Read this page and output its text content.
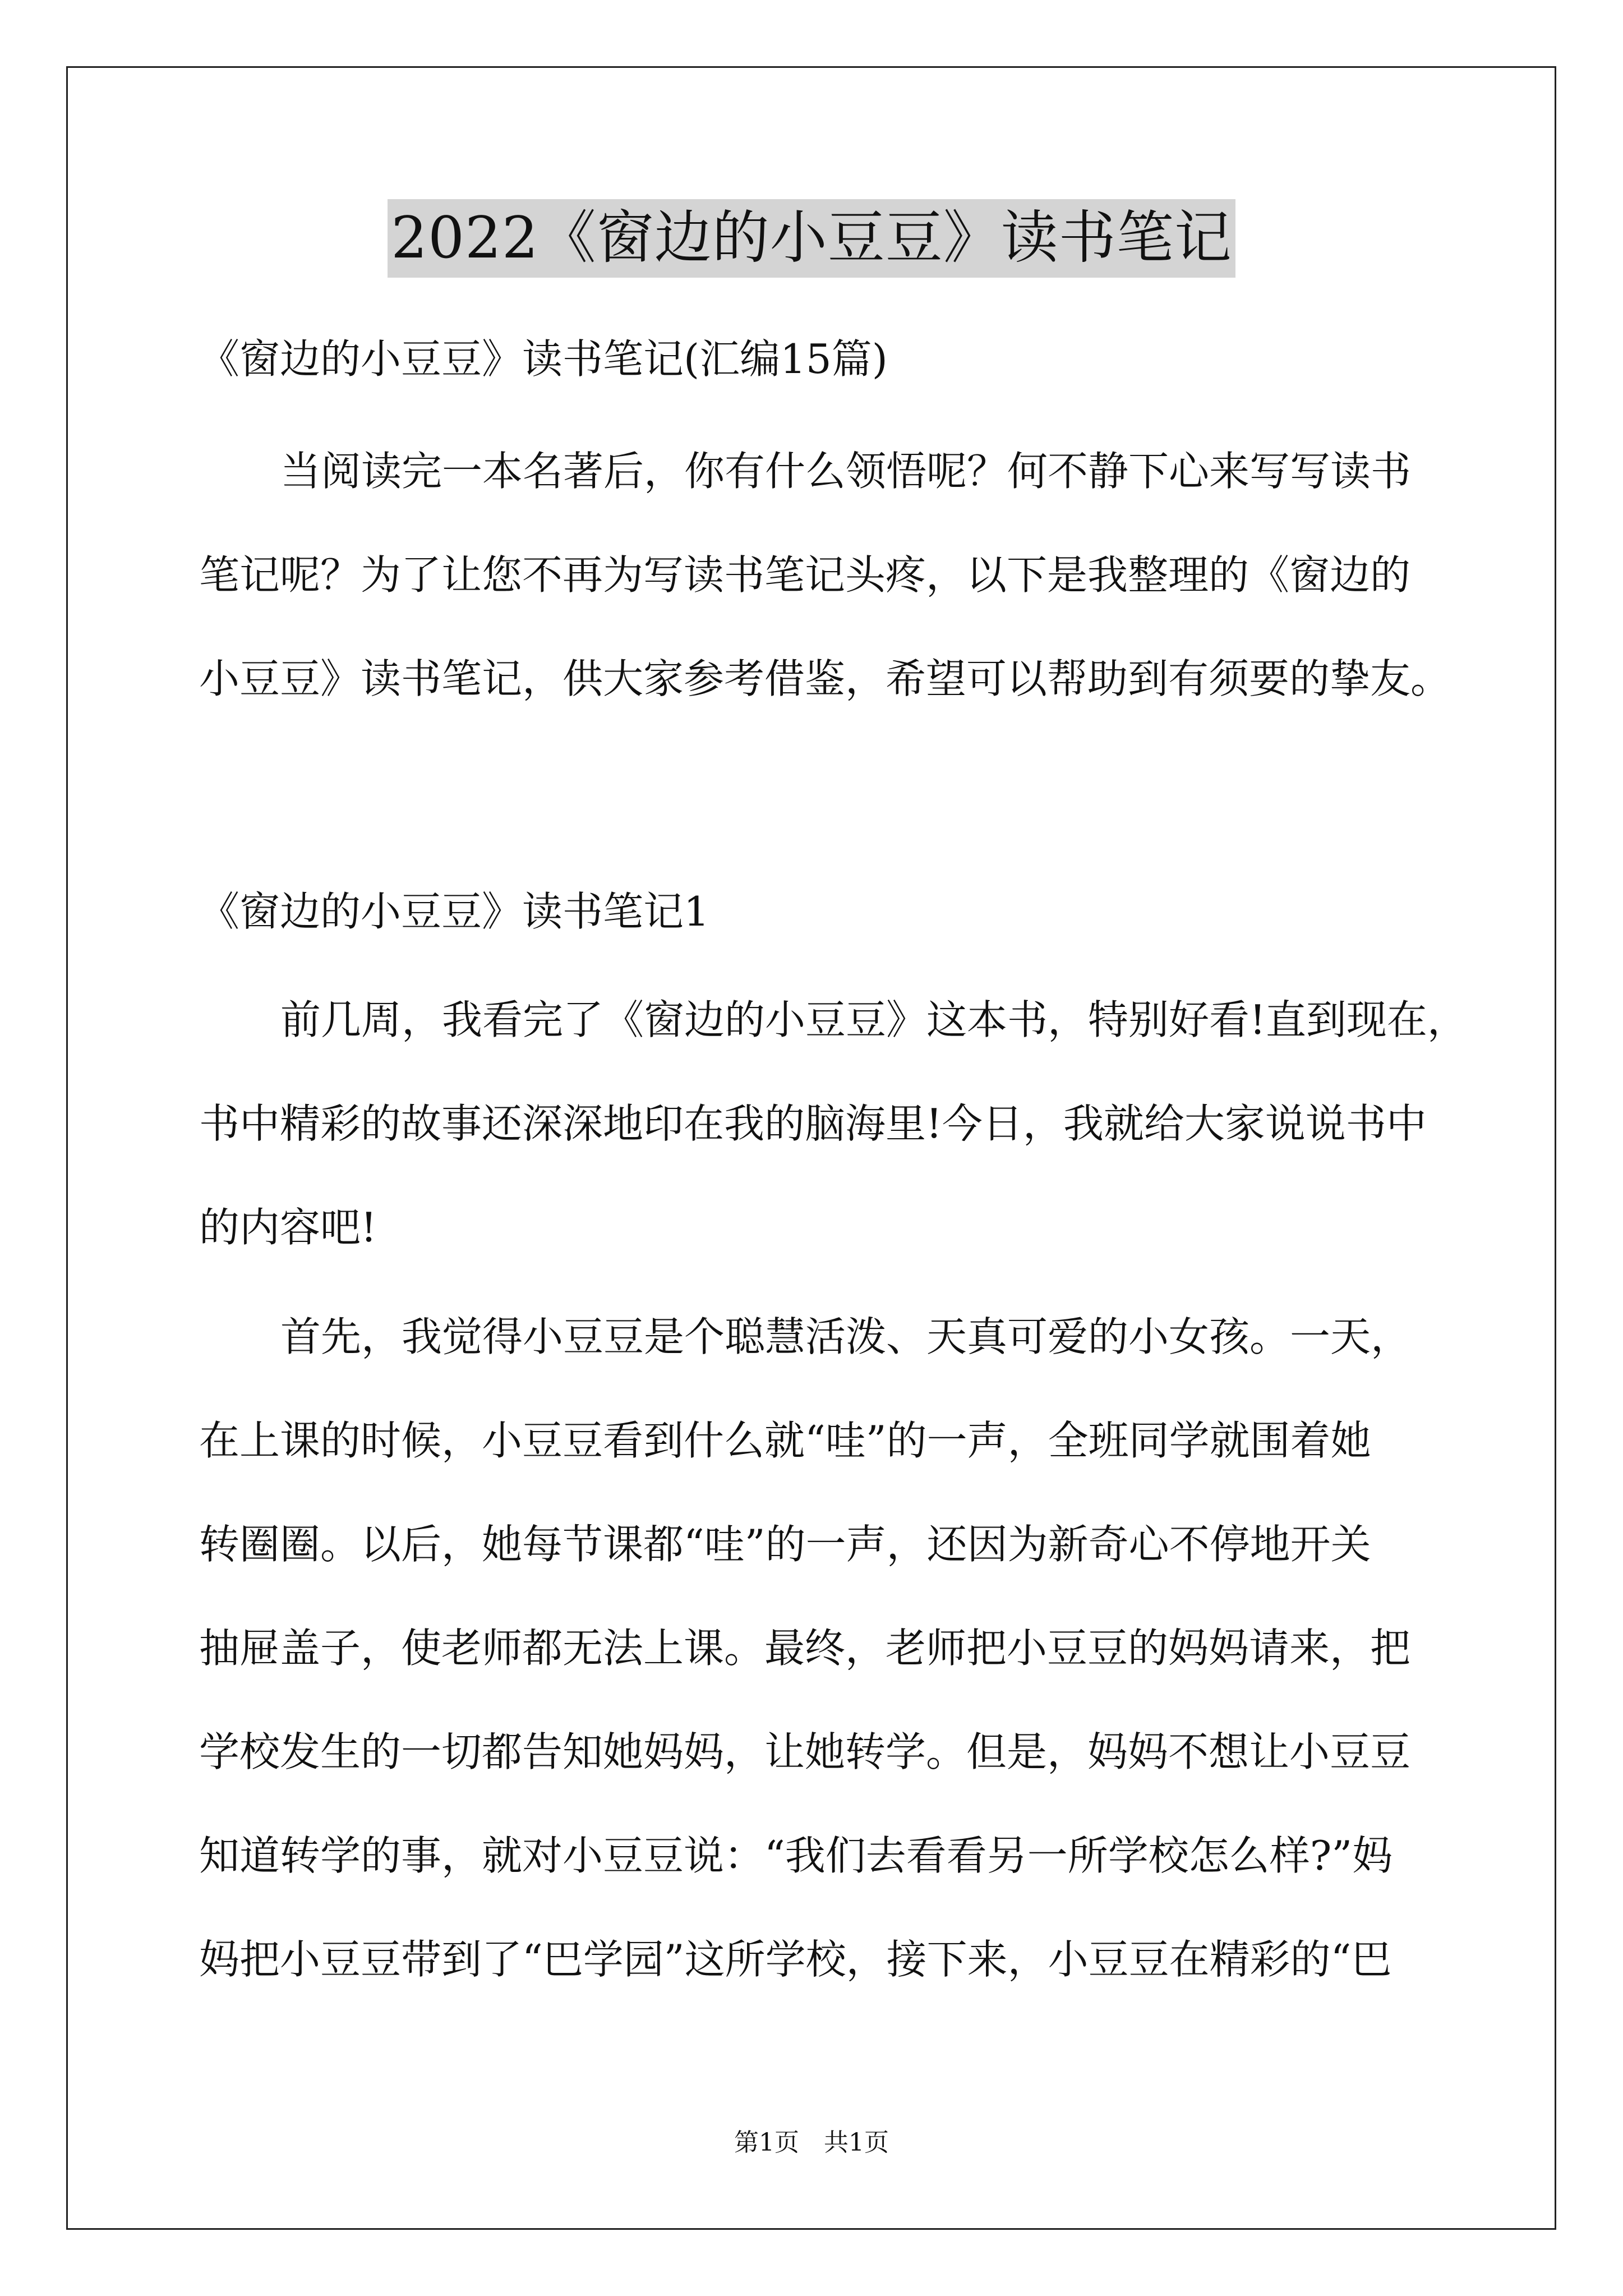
2022《窗边的小豆豆》读书笔记
《窗边的小豆豆》读书笔记(汇编15篇)
当阅读完一本名著后，你有什么领悟呢？何不静下心来写写读书
笔记呢？为了让您不再为写读书笔记头疼，以下是我整理的《窗边的
小豆豆》读书笔记，供大家参考借鉴，希望可以帮助到有须要的挚友。
《窗边的小豆豆》读书笔记1
前几周，我看完了《窗边的小豆豆》这本书，特别好看!直到现在，
书中精彩的故事还深深地印在我的脑海里!今日，我就给大家说说书中
的内容吧!
首先，我觉得小豆豆是个聪慧活泼、天真可爱的小女孩。一天，
在上课的时候，小豆豆看到什么就“哇”的一声，全班同学就围着她
转圈圈。以后，她每节课都“哇”的一声，还因为新奇心不停地开关
抽屉盖子，使老师都无法上课。最终，老师把小豆豆的妈妈请来，把
学校发生的一切都告知她妈妈，让她转学。但是，妈妈不想让小豆豆
知道转学的事，就对小豆豆说：“我们去看看另一所学校怎么样?”妈
妈把小豆豆带到了“巴学园”这所学校，接下来，小豆豆在精彩的“巴
第1页　共1页
